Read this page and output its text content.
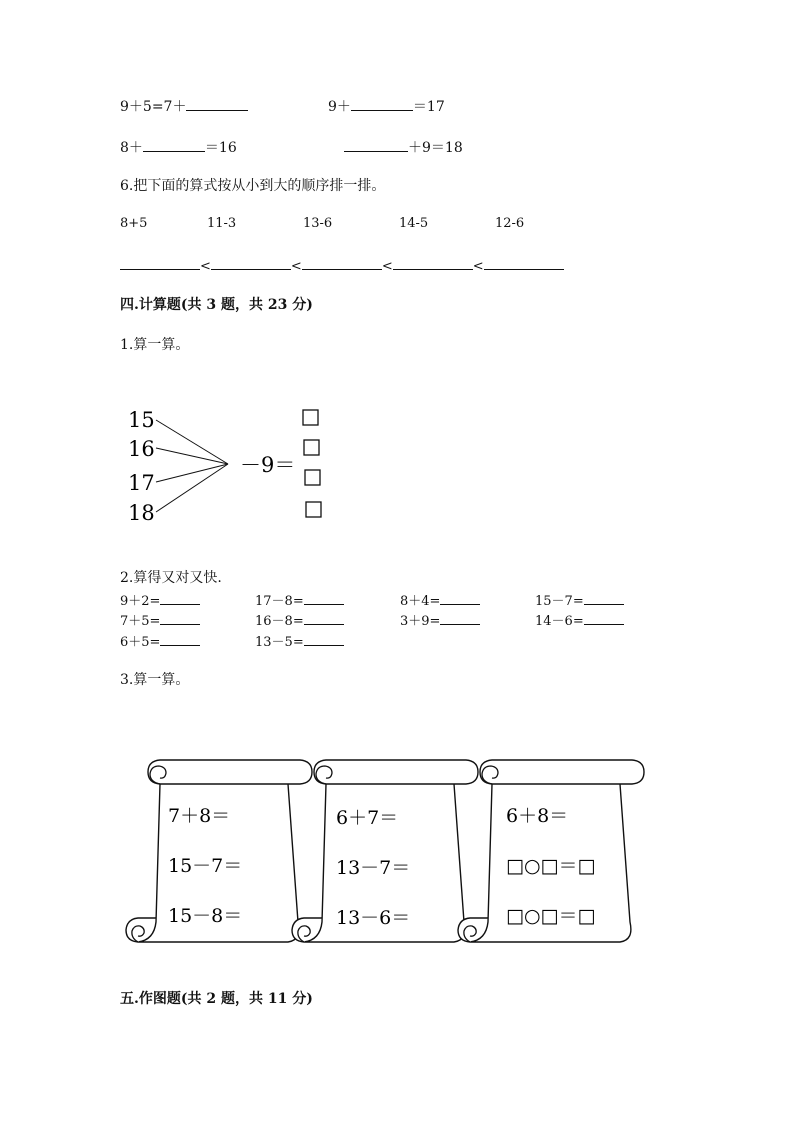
9＋5=7＋	9＋	＝17
8＋	＝16	＋9＝18
6.把下面的算式按从小到大的顺序排一排。
8+5	11-3	13-6	14-5	12-6
<	<	<	<
四.计算题(共 3 题，共 23 分)
1.算一算。
15
16
17
18
－9＝
2.算得又对又快.
9＋2=	17－8=	8＋4=	15－7=
7＋5=	16－8=	3＋9=	14－6=
6＋5=	13－5=
3.算一算。
7＋8＝
15－7＝
15－8＝
6＋7＝
13－7＝
13－6＝
6＋8＝
□○□＝□
□○□＝□
五.作图题(共 2 题，共 11 分)
